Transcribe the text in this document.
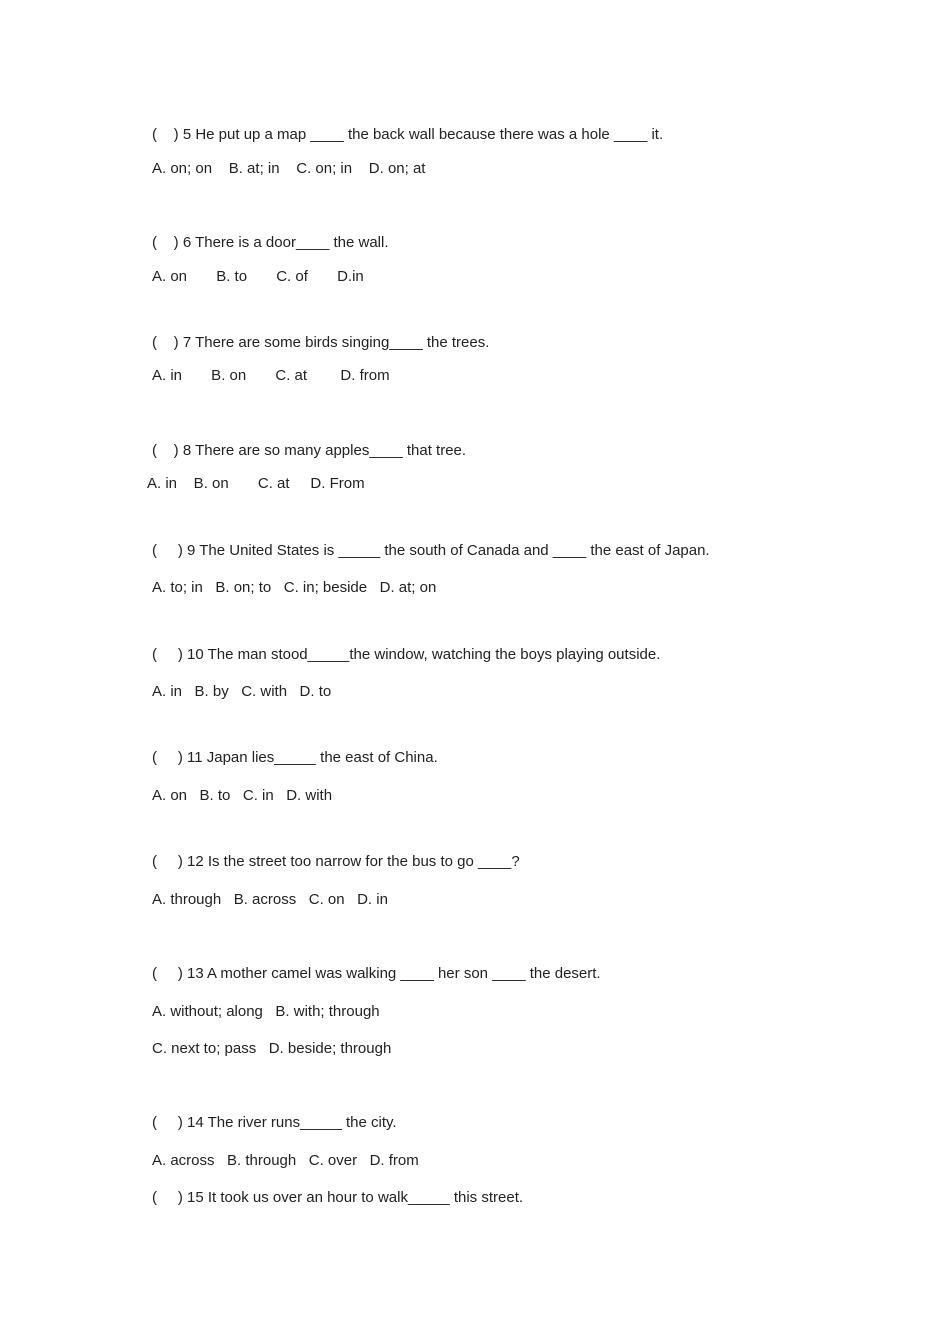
(    ) 5 He put up a map ____ the back wall because there was a hole ____ it.
A. on; on    B. at; in    C. on; in    D. on; at
(    ) 6 There is a door____ the wall.
A. on       B. to       C. of       D.in
(    ) 7 There are some birds singing____ the trees.
A. in       B. on       C. at        D. from
(    ) 8 There are so many apples____ that tree.
A. in    B. on       C. at     D. From
(     ) 9 The United States is _____ the south of Canada and ____ the east of Japan.
A. to; in   B. on; to   C. in; beside   D. at; on
(     ) 10 The man stood_____the window, watching the boys playing outside.
A. in   B. by   C. with   D. to
(     ) 11 Japan lies_____ the east of China.
A. on   B. to   C. in   D. with
(     ) 12 Is the street too narrow for the bus to go ____?
A. through   B. across   C. on   D. in
(     ) 13 A mother camel was walking ____ her son ____ the desert.
A. without; along   B. with; through
C. next to; pass   D. beside; through
(     ) 14 The river runs_____ the city.
A. across   B. through   C. over   D. from
(     ) 15 It took us over an hour to walk_____ this street.
